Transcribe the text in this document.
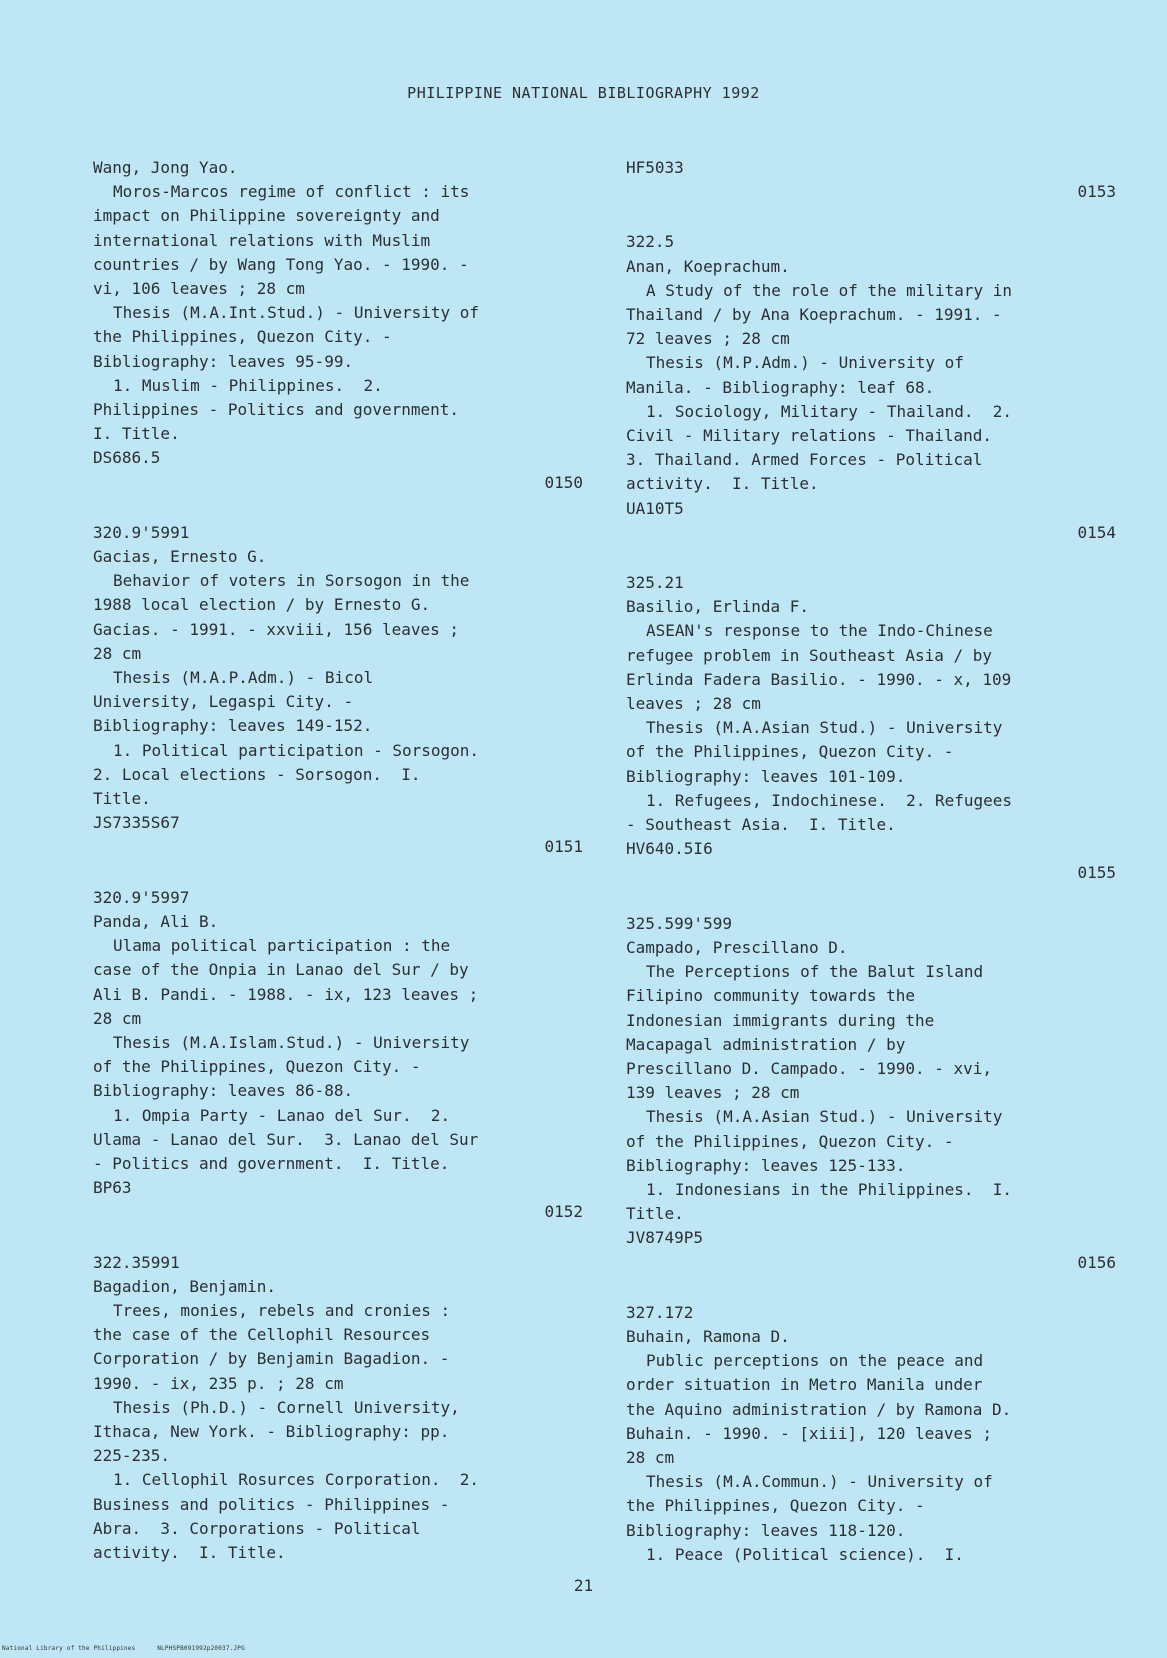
PHILIPPINE NATIONAL BIBLIOGRAPHY 1992
Wang, Jong Yao.
Moros-Marcos regime of conflict : its
impact on Philippine sovereignty and
international relations with Muslim
countries / by Wang Tong Yao. - 1990. -
vi, 106 leaves ; 28 cm
Thesis (M.A.Int.Stud.) - University of
the Philippines, Quezon City. -
Bibliography: leaves 95-99.
1. Muslim - Philippines.  2.
Philippines - Politics and government.
I. Title.
DS686.5
0150
320.9'5991
Gacias, Ernesto G.
Behavior of voters in Sorsogon in the
1988 local election / by Ernesto G.
Gacias. - 1991. - xxviii, 156 leaves ;
28 cm
Thesis (M.A.P.Adm.) - Bicol
University, Legaspi City. -
Bibliography: leaves 149-152.
1. Political participation - Sorsogon.
2. Local elections - Sorsogon.  I.
Title.
JS7335S67
0151
320.9'5997
Panda, Ali B.
Ulama political participation : the
case of the Onpia in Lanao del Sur / by
Ali B. Pandi. - 1988. - ix, 123 leaves ;
28 cm
Thesis (M.A.Islam.Stud.) - University
of the Philippines, Quezon City. -
Bibliography: leaves 86-88.
1. Ompia Party - Lanao del Sur.  2.
Ulama - Lanao del Sur.  3. Lanao del Sur
- Politics and government.  I. Title.
BP63
0152
322.35991
Bagadion, Benjamin.
Trees, monies, rebels and cronies :
the case of the Cellophil Resources
Corporation / by Benjamin Bagadion. -
1990. - ix, 235 p. ; 28 cm
Thesis (Ph.D.) - Cornell University,
Ithaca, New York. - Bibliography: pp.
225-235.
1. Cellophil Rosurces Corporation.  2.
Business and politics - Philippines -
Abra.  3. Corporations - Political
activity.  I. Title.
HF5033
0153
322.5
Anan, Koeprachum.
A Study of the role of the military in
Thailand / by Ana Koeprachum. - 1991. -
72 leaves ; 28 cm
Thesis (M.P.Adm.) - University of
Manila. - Bibliography: leaf 68.
1. Sociology, Military - Thailand.  2.
Civil - Military relations - Thailand.
3. Thailand. Armed Forces - Political
activity.  I. Title.
UA10T5
0154
325.21
Basilio, Erlinda F.
ASEAN's response to the Indo-Chinese
refugee problem in Southeast Asia / by
Erlinda Fadera Basilio. - 1990. - x, 109
leaves ; 28 cm
Thesis (M.A.Asian Stud.) - University
of the Philippines, Quezon City. -
Bibliography: leaves 101-109.
1. Refugees, Indochinese.  2. Refugees
- Southeast Asia.  I. Title.
HV640.5I6
0155
325.599'599
Campado, Prescillano D.
The Perceptions of the Balut Island
Filipino community towards the
Indonesian immigrants during the
Macapagal administration / by
Prescillano D. Campado. - 1990. - xvi,
139 leaves ; 28 cm
Thesis (M.A.Asian Stud.) - University
of the Philippines, Quezon City. -
Bibliography: leaves 125-133.
1. Indonesians in the Philippines.  I.
Title.
JV8749P5
0156
327.172
Buhain, Ramona D.
Public perceptions on the peace and
order situation in Metro Manila under
the Aquino administration / by Ramona D.
Buhain. - 1990. - [xiii], 120 leaves ;
28 cm
Thesis (M.A.Commun.) - University of
the Philippines, Quezon City. -
Bibliography: leaves 118-120.
1. Peace (Political science).  I.
21
National Library of the Philippines	NLPHSPB091992p20037.JPG
